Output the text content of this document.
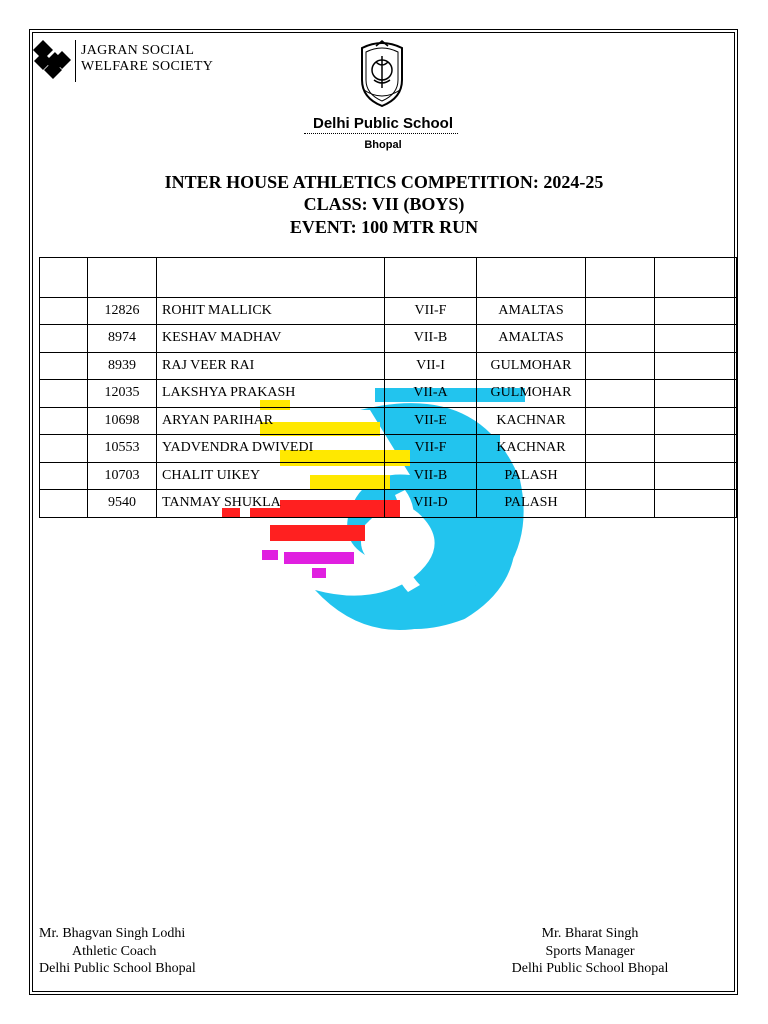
JAGRAN SOCIAL
WELFARE SOCIETY
Delhi Public School
Bhopal
INTER HOUSE ATHLETICS COMPETITION: 2024-25
CLASS: VII (BOYS)
EVENT: 100 MTR RUN

	12826	ROHIT MALLICK	VII-F	AMALTAS		
	8974	KESHAV MADHAV	VII-B	AMALTAS		
	8939	RAJ VEER RAI	VII-I	GULMOHAR		
	12035	LAKSHYA PRAKASH	VII-A	GULMOHAR		
	10698	ARYAN PARIHAR	VII-E	KACHNAR		
	10553	YADVENDRA DWIVEDI	VII-F	KACHNAR		
	10703	CHALIT UIKEY	VII-B	PALASH		
	9540	TANMAY SHUKLA	VII-D	PALASH		
Mr. Bhagvan Singh Lodhi
Athletic Coach
Delhi Public School Bhopal
Mr. Bharat Singh
Sports Manager
Delhi Public School Bhopal
